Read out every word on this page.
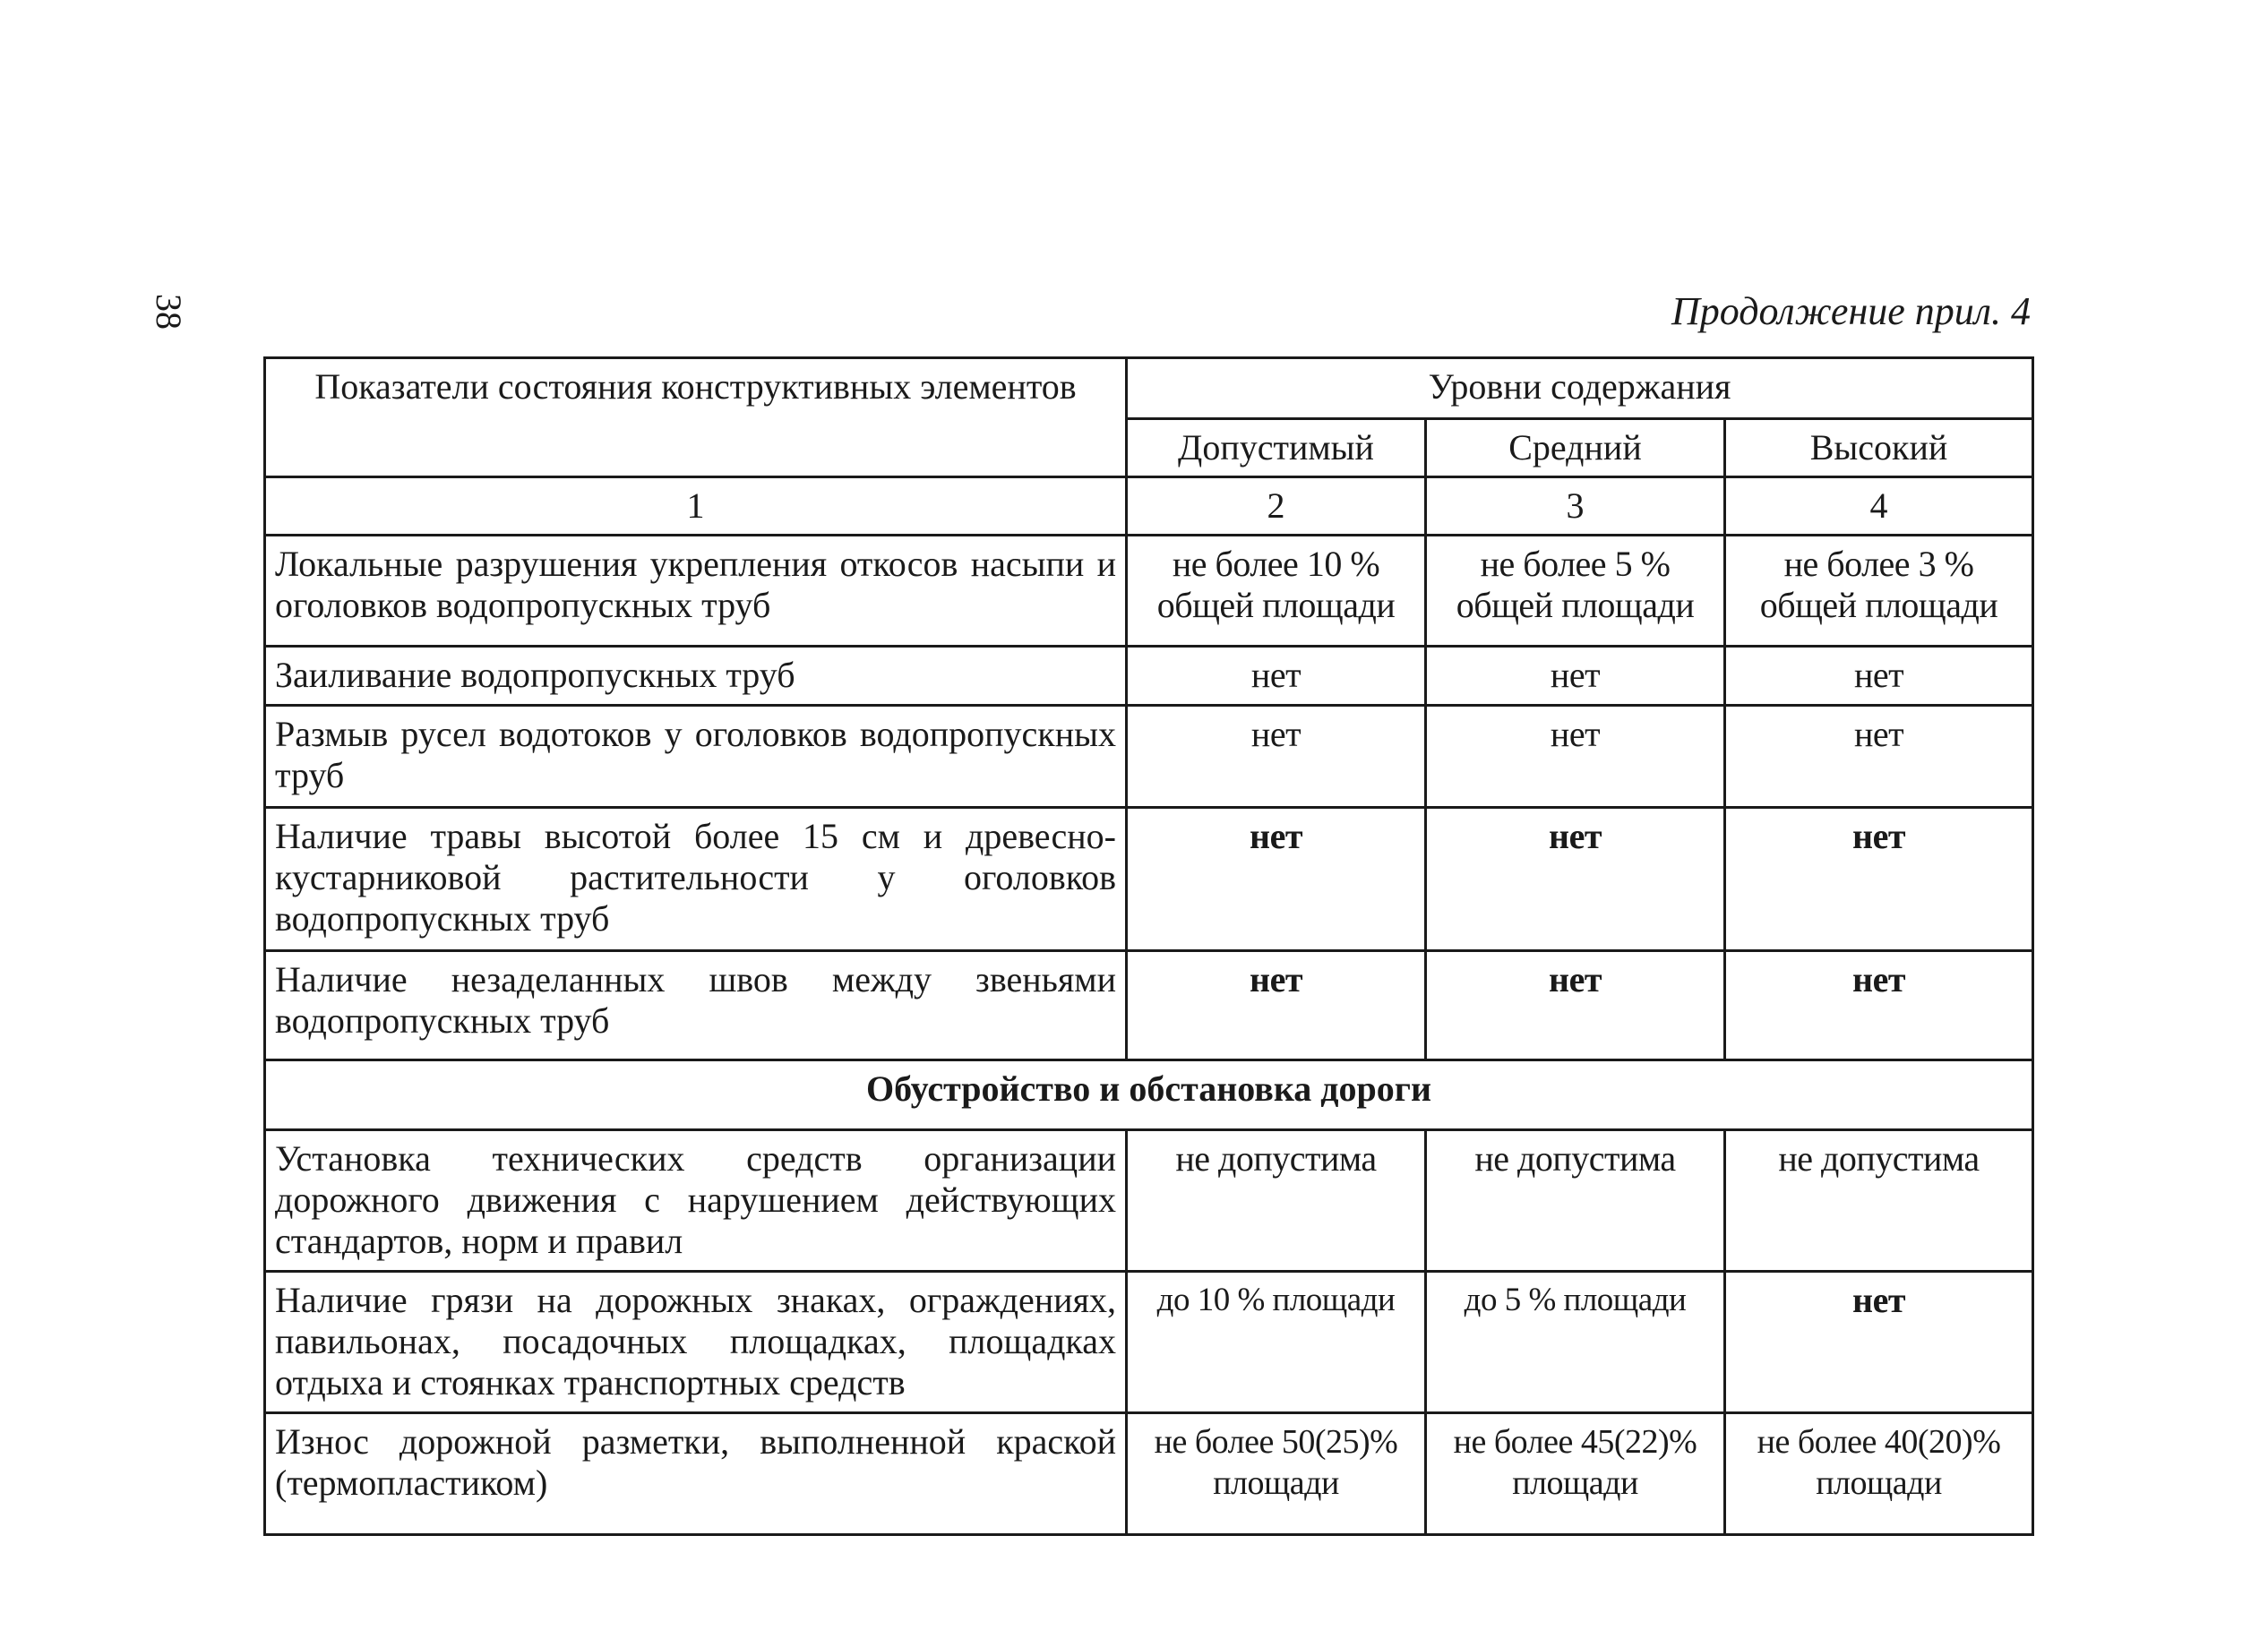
38	Продолжение прил. 4
Показатели состояния конструктивных элементов	Уровни содержания		
	Допустимый	Средний	Высокий
1	2	3	4
Локальные разрушения укрепления откосов насыпи и оголовков водопропускных труб	не более 10 % общей площади	не более 5 % общей площади	не более 3 % общей площади
Заиливание водопропускных труб	нет	нет	нет
Размыв русел водотоков у оголовков водопропускных труб	нет	нет	нет
Наличие травы высотой более 15 см и древесно-кустарниковой растительности у оголовков водопропускных труб	нет	нет	нет
Наличие незаделанных швов между звеньями водопропускных труб	нет	нет	нет
Обустройство и обстановка дороги			
Установка технических средств организации дорожного движения с нарушением действующих стандартов, норм и правил	не допустима	не допустима	не допустима
Наличие грязи на дорожных знаках, ограждениях, павильонах, посадочных площадках, площадках отдыха и стоянках транспортных средств	до 10 % площади	до 5 % площади	нет
Износ дорожной разметки, выполненной краской (термопластиком)	не более 50(25)% площади	не более 45(22)% площади	не более 40(20)% площади
